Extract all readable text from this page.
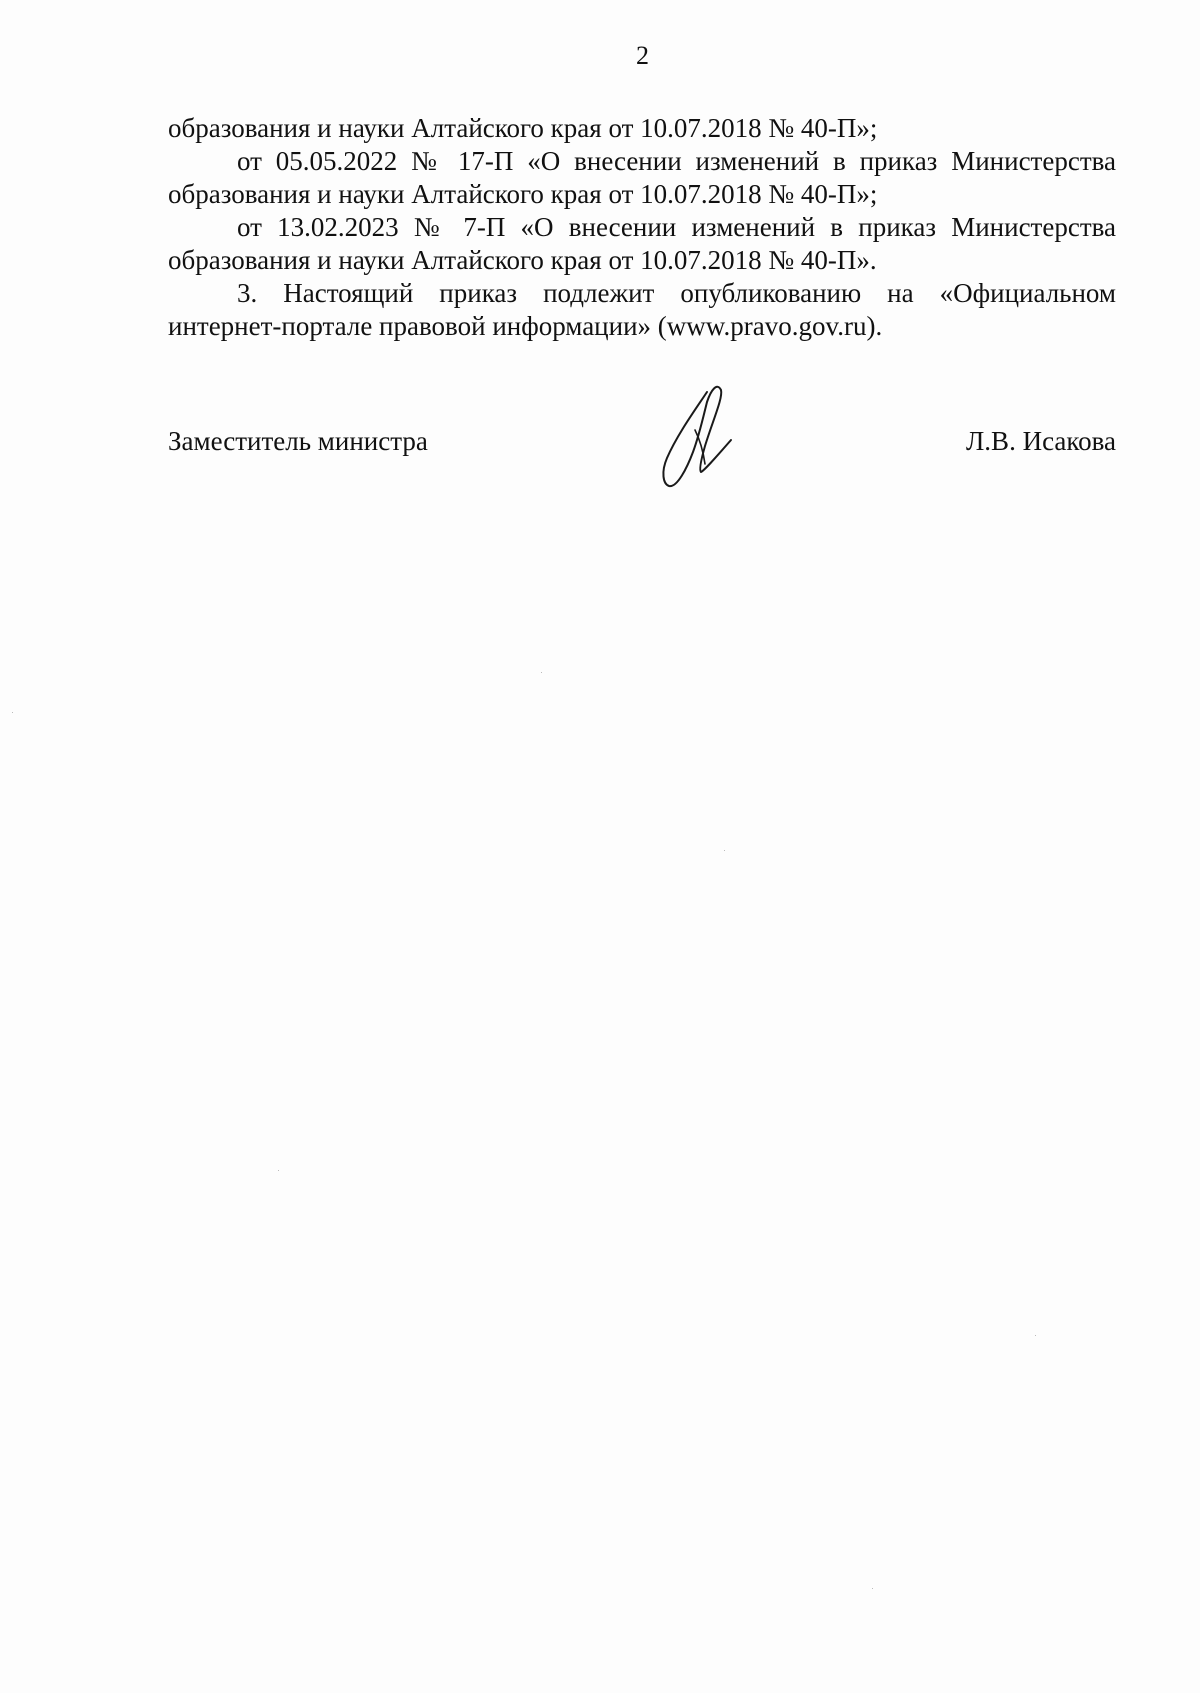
2

образования и науки Алтайского края от 10.07.2018 № 40-П»;

от 05.05.2022 № 17-П «О внесении изменений в приказ Министерства образования и науки Алтайского края от 10.07.2018 № 40-П»;

от 13.02.2023 № 7-П «О внесении изменений в приказ Министерства образования и науки Алтайского края от 10.07.2018 № 40-П».

3. Настоящий приказ подлежит опубликованию на «Официальном интернет-портале правовой информации» (www.pravo.gov.ru).

Заместитель министра	Л.В. Исакова
